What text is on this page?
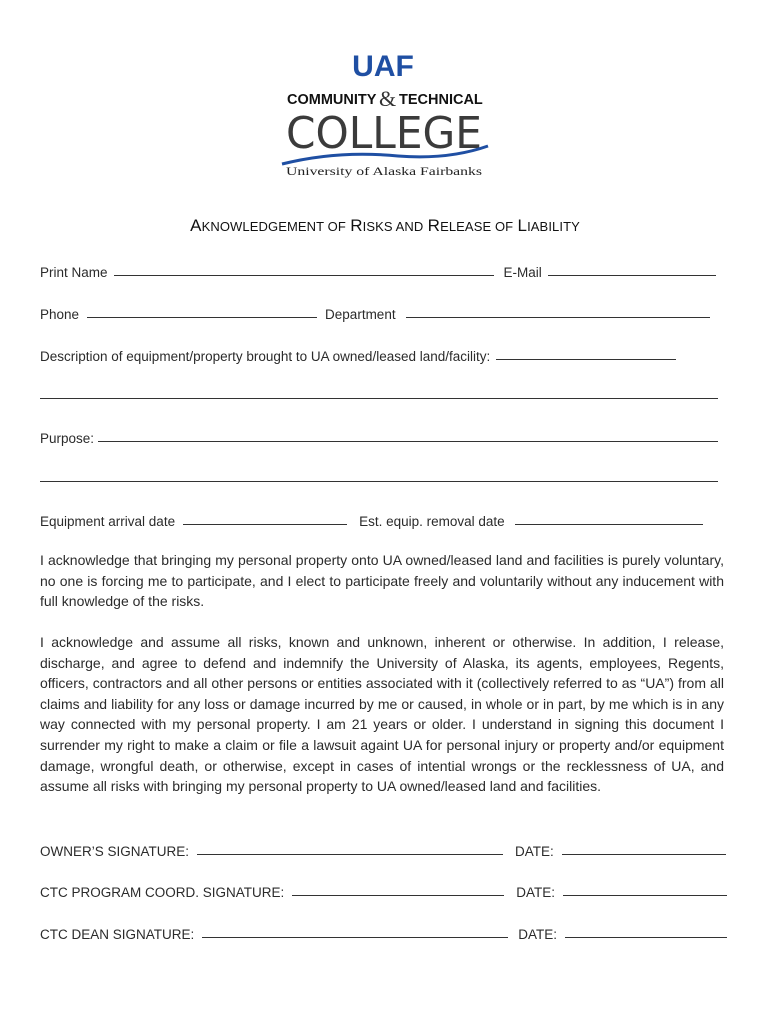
UAF
COMMUNITY & TECHNICAL
COLLEGE
University of Alaska Fairbanks
AKNOWLEDGEMENT OF RISKS AND RELEASE OF LIABILITY
Print Name	E-Mail
Phone	Department
Description of equipment/property brought to UA owned/leased land/facility:
Purpose:
Equipment arrival date	Est. equip. removal date

I acknowledge that bringing my personal property onto UA owned/leased land and facilities is purely voluntary, no one is forcing me to participate, and I elect to participate freely and voluntarily without any inducement with full knowledge of the risks.

I acknowledge and assume all risks, known and unknown, inherent or otherwise. In addition, I release, discharge, and agree to defend and indemnify the University of Alaska, its agents, employees, Regents, officers, contractors and all other persons or entities associated with it (collectively referred to as “UA”) from all claims and liability for any loss or damage incurred by me or caused, in whole or in part, by me which is in any way connected with my personal property. I am 21 years or older. I understand in signing this document I surrender my right to make a claim or file a lawsuit againt UA for personal injury or property and/or equipment damage, wrongful death, or otherwise, except in cases of intential wrongs or the recklessness of UA, and assume all risks with bringing my personal property to UA owned/leased land and facilities.

OWNER’S SIGNATURE:	DATE:
CTC PROGRAM COORD. SIGNATURE:	DATE:
CTC DEAN SIGNATURE:	DATE:
